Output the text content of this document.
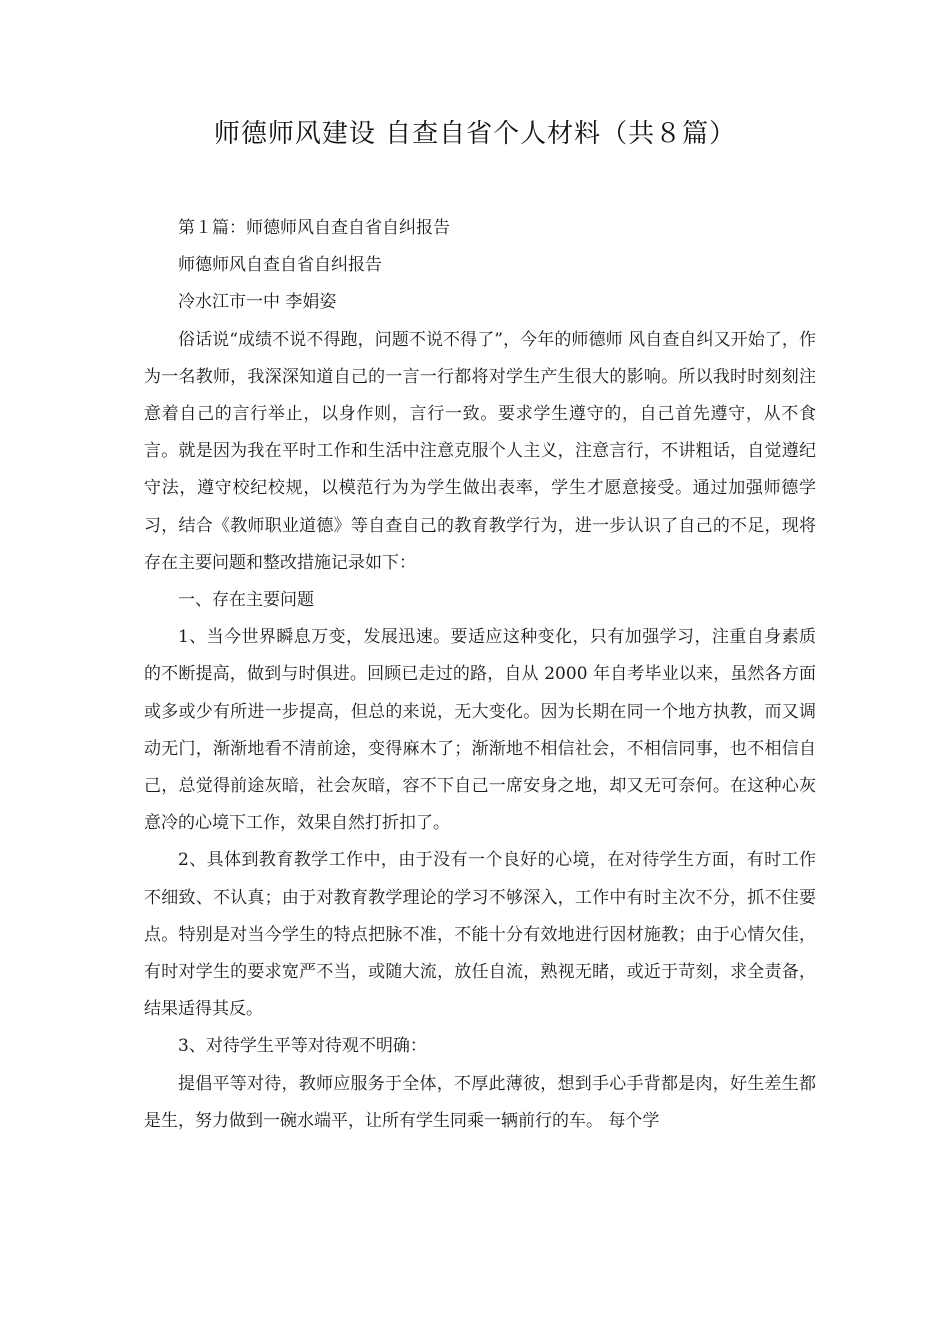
师德师风建设 自查自省个人材料（共８篇）

第１篇：师德师风自查自省自纠报告

师德师风自查自省自纠报告

冷水江市一中 李娟姿

俗话说“成绩不说不得跑，问题不说不得了”，今年的师德师 风自查自纠又开始了，作为一名教师，我深深知道自己的一言一行都将对学生产生很大的影响。所以我时时刻刻注意着自己的言行举止，以身作则，言行一致。要求学生遵守的，自己首先遵守，从不食言。就是因为我在平时工作和生活中注意克服个人主义，注意言行，不讲粗话，自觉遵纪守法，遵守校纪校规，以模范行为为学生做出表率，学生才愿意接受。通过加强师德学习，结合《教师职业道德》等自查自己的教育教学行为，进一步认识了自己的不足，现将存在主要问题和整改措施记录如下：

一、存在主要问题

1、当今世界瞬息万变，发展迅速。要适应这种变化，只有加强学习，注重自身素质的不断提高，做到与时俱进。回顾已走过的路，自从 2000 年自考毕业以来，虽然各方面或多或少有所进一步提高，但总的来说，无大变化。因为长期在同一个地方执教，而又调动无门，渐渐地看不清前途，变得麻木了；渐渐地不相信社会，不相信同事，也不相信自己，总觉得前途灰暗，社会灰暗，容不下自己一席安身之地，却又无可奈何。在这种心灰意冷的心境下工作，效果自然打折扣了。

2、具体到教育教学工作中，由于没有一个良好的心境，在对待学生方面，有时工作不细致、不认真；由于对教育教学理论的学习不够深入，工作中有时主次不分，抓不住要点。特别是对当今学生的特点把脉不准，不能十分有效地进行因材施教；由于心情欠佳，有时对学生的要求宽严不当，或随大流，放任自流，熟视无睹，或近于苛刻，求全责备，结果适得其反。

3、对待学生平等对待观不明确：

提倡平等对待，教师应服务于全体，不厚此薄彼，想到手心手背都是肉，好生差生都是生，努力做到一碗水端平，让所有学生同乘一辆前行的车。 每个学
